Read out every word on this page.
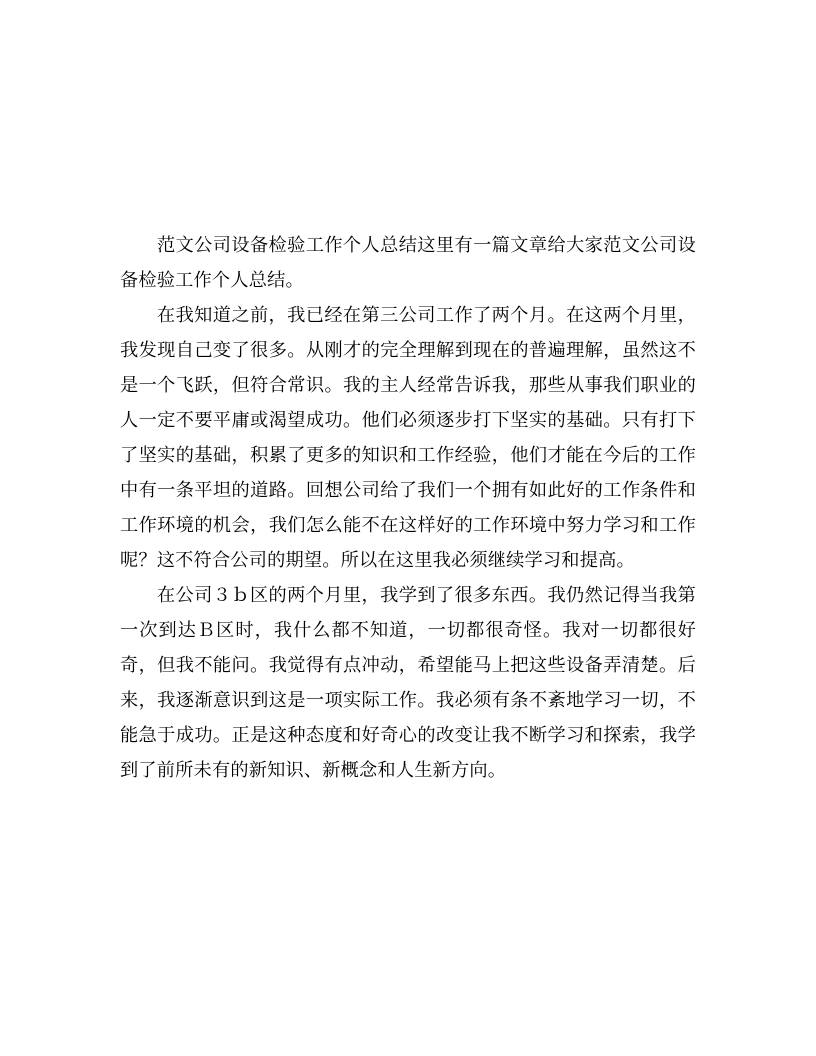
范文公司设备检验工作个人总结这里有一篇文章给大家范文公司设备检验工作个人总结。

在我知道之前，我已经在第三公司工作了两个月。在这两个月里，我发现自己变了很多。从刚才的完全理解到现在的普遍理解，虽然这不是一个飞跃，但符合常识。我的主人经常告诉我，那些从事我们职业的人一定不要平庸或渴望成功。他们必须逐步打下坚实的基础。只有打下了坚实的基础，积累了更多的知识和工作经验，他们才能在今后的工作中有一条平坦的道路。回想公司给了我们一个拥有如此好的工作条件和工作环境的机会，我们怎么能不在这样好的工作环境中努力学习和工作呢？这不符合公司的期望。所以在这里我必须继续学习和提高。

在公司３ｂ区的两个月里，我学到了很多东西。我仍然记得当我第一次到达Ｂ区时，我什么都不知道，一切都很奇怪。我对一切都很好奇，但我不能问。我觉得有点冲动，希望能马上把这些设备弄清楚。后来，我逐渐意识到这是一项实际工作。我必须有条不紊地学习一切，不能急于成功。正是这种态度和好奇心的改变让我不断学习和探索，我学到了前所未有的新知识、新概念和人生新方向。
